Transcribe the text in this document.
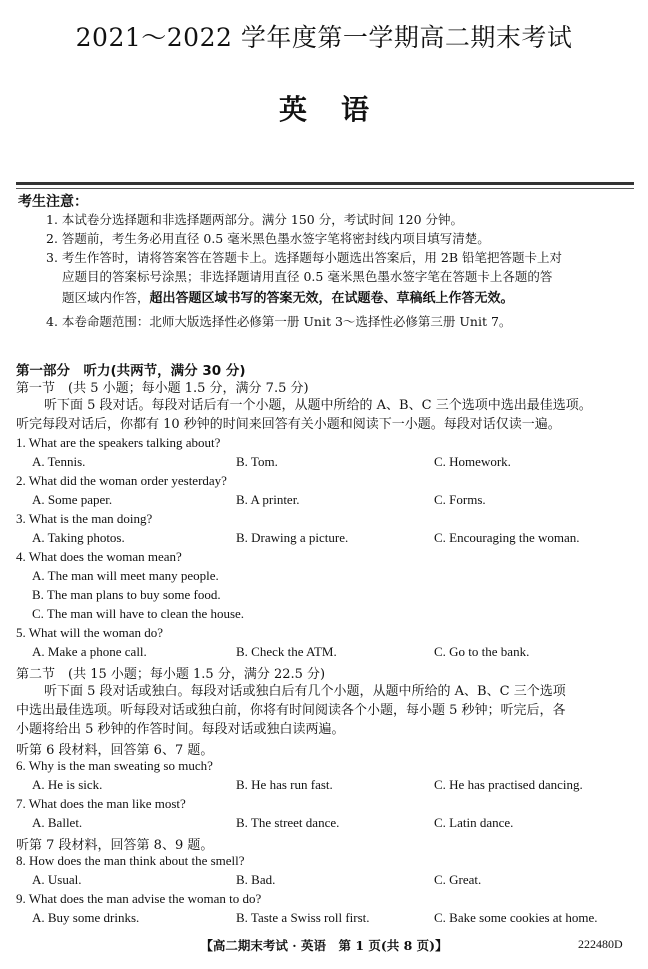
2021～2022 学年度第一学期高二期末考试
英语
考生注意：
1. 本试卷分选择题和非选择题两部分。满分 150 分，考试时间 120 分钟。
2. 答题前，考生务必用直径 0.5 毫米黑色墨水签字笔将密封线内项目填写清楚。
3. 考生作答时，请将答案答在答题卡上。选择题每小题选出答案后，用 2B 铅笔把答题卡上对
应题目的答案标号涂黑；非选择题请用直径 0.5 毫米黑色墨水签字笔在答题卡上各题的答
题区域内作答，超出答题区域书写的答案无效，在试题卷、草稿纸上作答无效。
4. 本卷命题范围：北师大版选择性必修第一册 Unit 3～选择性必修第三册 Unit 7。
第一部分　听力(共两节，满分 30 分)
第一节　(共 5 小题；每小题 1.5 分，满分 7.5 分)
听下面 5 段对话。每段对话后有一个小题，从题中所给的 A、B、C 三个选项中选出最佳选项。
听完每段对话后，你都有 10 秒钟的时间来回答有关小题和阅读下一小题。每段对话仅读一遍。
1. What are the speakers talking about?
A. Tennis.	B. Tom.	C. Homework.
2. What did the woman order yesterday?
A. Some paper.	B. A printer.	C. Forms.
3. What is the man doing?
A. Taking photos.	B. Drawing a picture.	C. Encouraging the woman.
4. What does the woman mean?
A. The man will meet many people.
B. The man plans to buy some food.
C. The man will have to clean the house.
5. What will the woman do?
A. Make a phone call.	B. Check the ATM.	C. Go to the bank.
第二节　(共 15 小题；每小题 1.5 分，满分 22.5 分)
听下面 5 段对话或独白。每段对话或独白后有几个小题，从题中所给的 A、B、C 三个选项
中选出最佳选项。听每段对话或独白前，你将有时间阅读各个小题，每小题 5 秒钟；听完后，各
小题将给出 5 秒钟的作答时间。每段对话或独白读两遍。
听第 6 段材料，回答第 6、7 题。
6. Why is the man sweating so much?
A. He is sick.	B. He has run fast.	C. He has practised dancing.
7. What does the man like most?
A. Ballet.	B. The street dance.	C. Latin dance.
听第 7 段材料，回答第 8、9 题。
8. How does the man think about the smell?
A. Usual.	B. Bad.	C. Great.
9. What does the man advise the woman to do?
A. Buy some drinks.	B. Taste a Swiss roll first.	C. Bake some cookies at home.
【高二期末考试 · 英语　第 1 页(共 8 页)】	222480D
